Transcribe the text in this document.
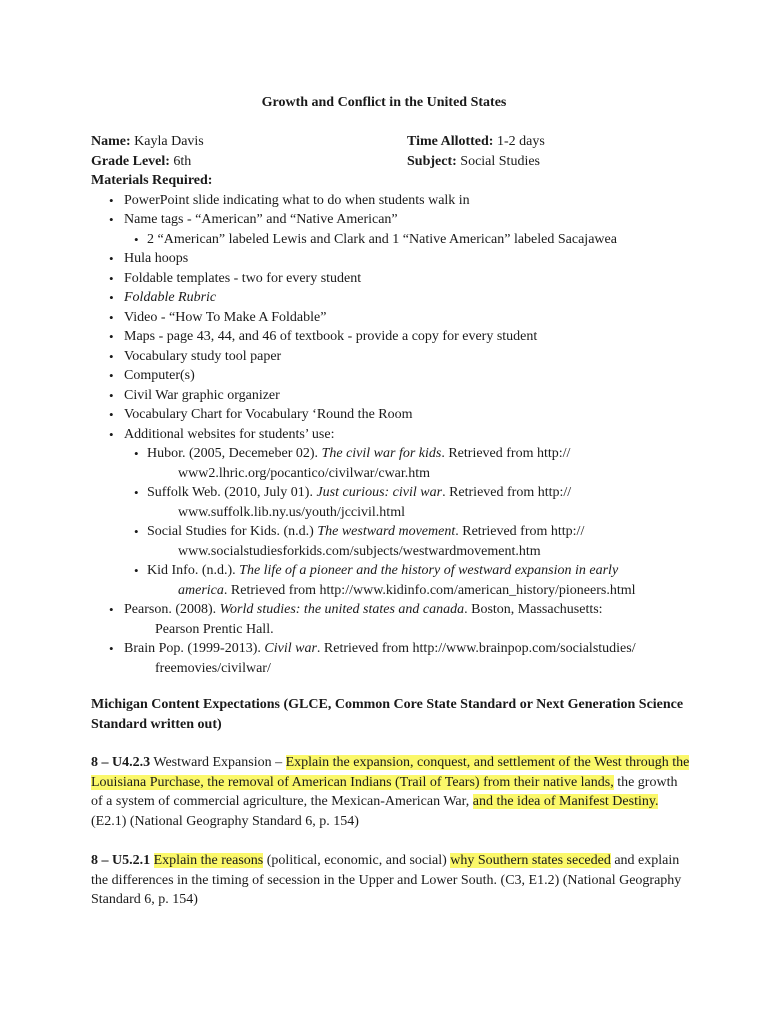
Growth and Conflict in the United States
Name: Kayla Davis	Time Allotted: 1-2 days
Grade Level: 6th	Subject: Social Studies
Materials Required:
• PowerPoint slide indicating what to do when students walk in
• Name tags - “American” and “Native American”
• 2 “American” labeled Lewis and Clark and 1 “Native American” labeled Sacajawea
• Hula hoops
• Foldable templates - two for every student
• Foldable Rubric
• Video - “How To Make A Foldable”
• Maps - page 43, 44, and 46 of textbook - provide a copy for every student
• Vocabulary study tool paper
• Computer(s)
• Civil War graphic organizer
• Vocabulary Chart for Vocabulary ‘Round the Room
• Additional websites for students’ use:
• Hubor. (2005, Decemeber 02). The civil war for kids. Retrieved from http://
www2.lhric.org/pocantico/civilwar/cwar.htm
• Suffolk Web. (2010, July 01). Just curious: civil war. Retrieved from http://
www.suffolk.lib.ny.us/youth/jccivil.html
• Social Studies for Kids. (n.d.) The westward movement. Retrieved from http://
www.socialstudiesforkids.com/subjects/westwardmovement.htm
• Kid Info. (n.d.). The life of a pioneer and the history of westward expansion in early
america. Retrieved from http://www.kidinfo.com/american_history/pioneers.html
• Pearson. (2008). World studies: the united states and canada. Boston, Massachusetts:
Pearson Prentic Hall.
• Brain Pop. (1999-2013). Civil war. Retrieved from http://www.brainpop.com/socialstudies/
freemovies/civilwar/
Michigan Content Expectations (GLCE, Common Core State Standard or Next Generation Science Standard written out)
8 – U4.2.3 Westward Expansion – Explain the expansion, conquest, and settlement of the West through the Louisiana Purchase, the removal of American Indians (Trail of Tears) from their native lands, the growth of a system of commercial agriculture, the Mexican-American War, and the idea of Manifest Destiny. (E2.1) (National Geography Standard 6, p. 154)
8 – U5.2.1 Explain the reasons (political, economic, and social) why Southern states seceded and explain the differences in the timing of secession in the Upper and Lower South. (C3, E1.2) (National Geography Standard 6, p. 154)
